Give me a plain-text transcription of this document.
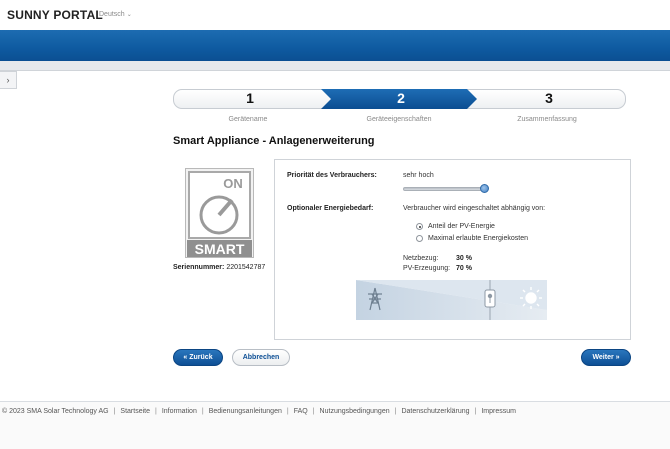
SUNNY PORTAL
Deutsch ⌄
›
1	2	3
Gerätename	Geräteeigenschaften	Zusammenfassung
Smart Appliance - Anlagenerweiterung
ON
SMART
Seriennummer: 2201542787
Priorität des Verbrauchers:	sehr hoch
Optionaler Energiebedarf:	Verbraucher wird eingeschaltet abhängig von:
Anteil der PV-Energie
Maximal erlaubte Energiekosten
Netzbezug:	30 %
PV-Erzeugung: 70 %
« Zurück	Abbrechen	Weiter »
© 2023 SMA Solar Technology AG | Startseite | Information | Bedienungsanleitungen | FAQ | Nutzungsbedingungen | Datenschutzerklärung | Impressum
